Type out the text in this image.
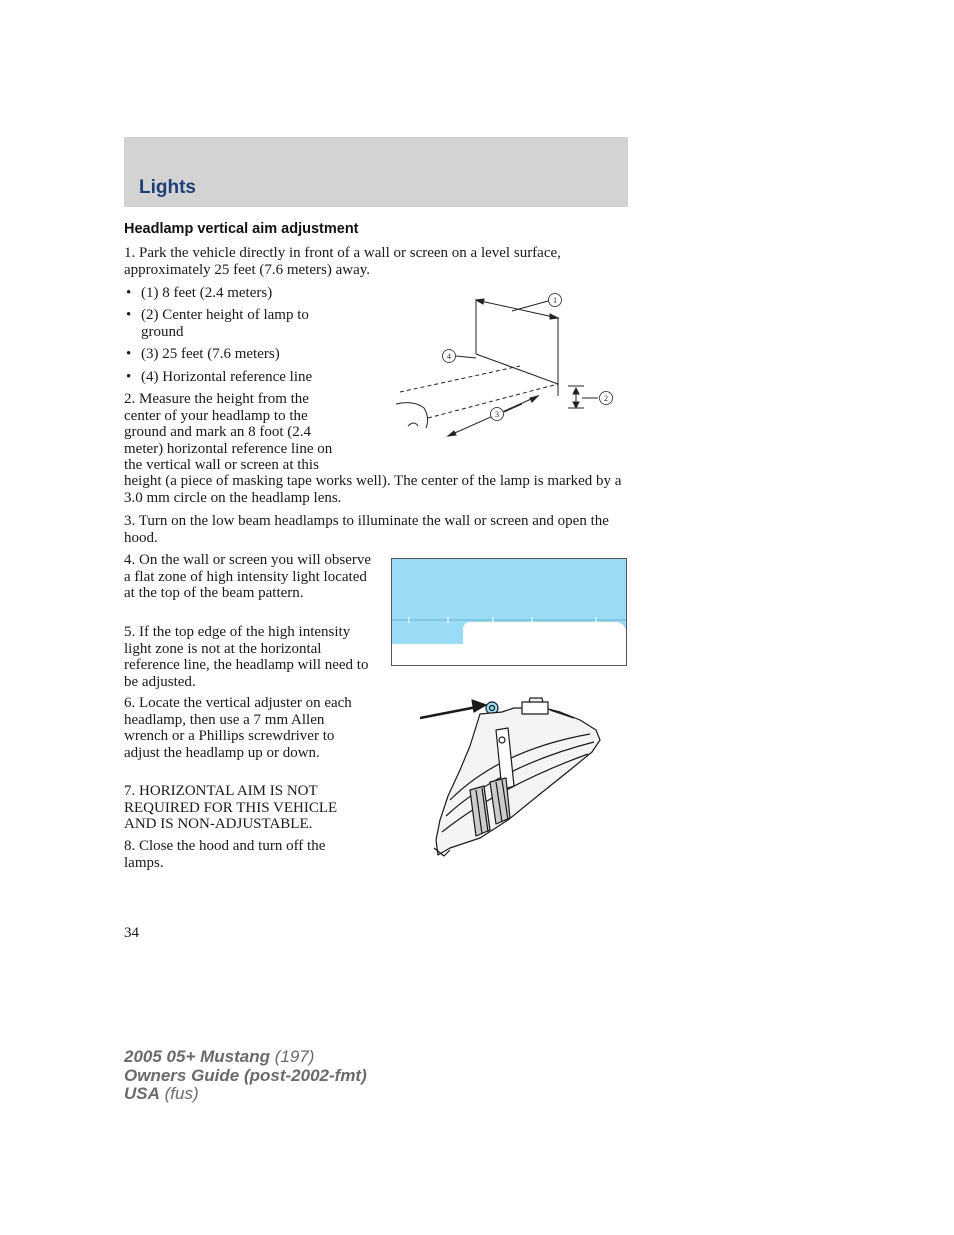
Lights
Headlamp vertical aim adjustment

1. Park the vehicle directly in front of a wall or screen on a level surface, approximately 25 feet (7.6 meters) away.

• (1) 8 feet (2.4 meters)
• (2) Center height of lamp to ground
• (3) 25 feet (7.6 meters)
• (4) Horizontal reference line
2. Measure the height from the
center of your headlamp to the
ground and mark an 8 foot (2.4
meter) horizontal reference line on
the vertical wall or screen at this

height (a piece of masking tape works well). The center of the lamp is marked by a 3.0 mm circle on the headlamp lens.

3. Turn on the low beam headlamps to illuminate the wall or screen and open the hood.

4. On the wall or screen you will observe a flat zone of high intensity light located at the top of the beam pattern.

5. If the top edge of the high intensity light zone is not at the horizontal reference line, the headlamp will need to be adjusted.

6. Locate the vertical adjuster on each headlamp, then use a 7 mm Allen wrench or a Phillips screwdriver to adjust the headlamp up or down.

7. HORIZONTAL AIM IS NOT REQUIRED FOR THIS VEHICLE AND IS NON-ADJUSTABLE.

8. Close the hood and turn off the lamps.

1
2
3
4
34
2005 05+ Mustang (197)
Owners Guide (post-2002-fmt)
USA (fus)
